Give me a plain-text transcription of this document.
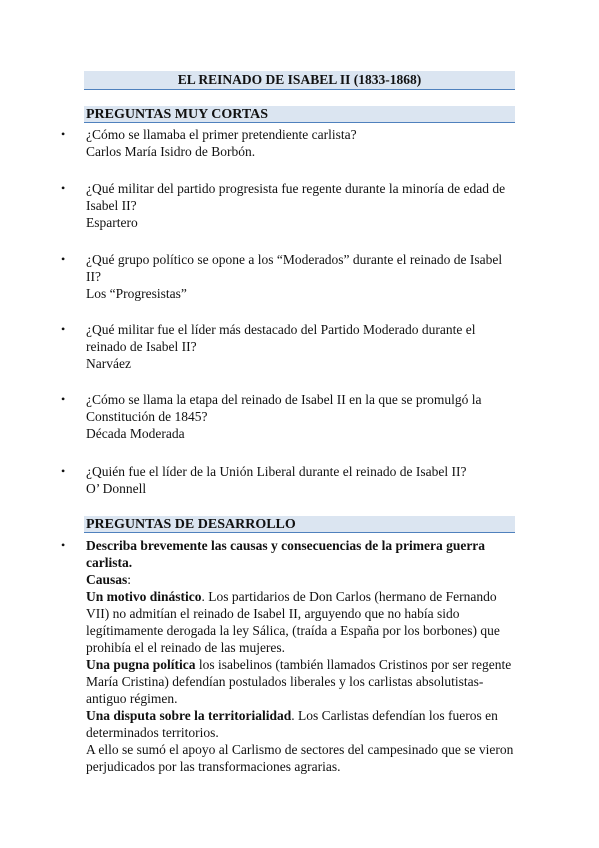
EL REINADO DE ISABEL II (1833-1868)
PREGUNTAS MUY CORTAS
• ¿Cómo se llamaba el primer pretendiente carlista?

Carlos María Isidro de Borbón.

• ¿Qué militar del partido progresista fue regente durante la minoría de edad de Isabel II?

Espartero

• ¿Qué grupo político se opone a los “Moderados” durante el reinado de Isabel II?

Los “Progresistas”

• ¿Qué militar fue el líder más destacado del Partido Moderado durante el reinado de Isabel II?

Narváez

• ¿Cómo se llama la etapa del reinado de Isabel II en la que se promulgó la Constitución de 1845?

Década Moderada

• ¿Quién fue el líder de la Unión Liberal durante el reinado de Isabel II?

O’ Donnell

PREGUNTAS DE DESARROLLO
• Describa brevemente las causas y consecuencias de la primera guerra carlista.

Causas:

Un motivo dinástico. Los partidarios de Don Carlos (hermano de Fernando VII) no admitían el reinado de Isabel II, arguyendo que no había sido legítimamente derogada la ley Sálica, (traída a España por los borbones) que prohibía el el reinado de las mujeres.

Una pugna política los isabelinos (también llamados Cristinos por ser regente María Cristina) defendían postulados liberales y los carlistas absolutistas-antiguo régimen.

Una disputa sobre la territorialidad. Los Carlistas defendían los fueros en determinados territorios.

A ello se sumó el apoyo al Carlismo de sectores del campesinado que se vieron perjudicados por las transformaciones agrarias.
